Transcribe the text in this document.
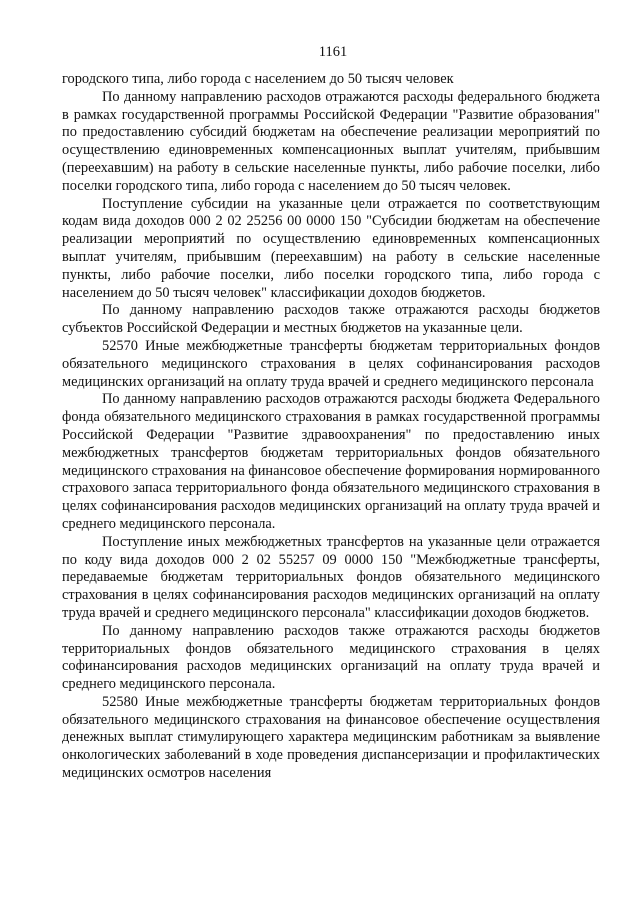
1161

городского типа, либо города с населением до 50 тысяч человек

По данному направлению расходов отражаются расходы федерального бюджета в рамках государственной программы Российской Федерации "Развитие образования" по предоставлению субсидий бюджетам на обеспечение реализации мероприятий по осуществлению единовременных компенсационных выплат учителям, прибывшим (переехавшим) на работу в сельские населенные пункты, либо рабочие поселки, либо поселки городского типа, либо города с населением до 50 тысяч человек.

Поступление субсидии на указанные цели отражается по соответствующим кодам вида доходов 000 2 02 25256 00 0000 150 "Субсидии бюджетам на обеспечение реализации мероприятий по осуществлению единовременных компенсационных выплат учителям, прибывшим (переехавшим) на работу в сельские населенные пункты, либо рабочие поселки, либо поселки городского типа, либо города с населением до 50 тысяч человек" классификации доходов бюджетов.

По данному направлению расходов также отражаются расходы бюджетов субъектов Российской Федерации и местных бюджетов на указанные цели.

52570 Иные межбюджетные трансферты бюджетам территориальных фондов обязательного медицинского страхования в целях софинансирования расходов медицинских организаций на оплату труда врачей и среднего медицинского персонала

По данному направлению расходов отражаются расходы бюджета Федерального фонда обязательного медицинского страхования в рамках государственной программы Российской Федерации "Развитие здравоохранения" по предоставлению иных межбюджетных трансфертов бюджетам территориальных фондов обязательного медицинского страхования на финансовое обеспечение формирования нормированного страхового запаса территориального фонда обязательного медицинского страхования в целях софинансирования расходов медицинских организаций на оплату труда врачей и среднего медицинского персонала.

Поступление иных межбюджетных трансфертов на указанные цели отражается по коду вида доходов 000 2 02 55257 09 0000 150 "Межбюджетные трансферты, передаваемые бюджетам территориальных фондов обязательного медицинского страхования в целях софинансирования расходов медицинских организаций на оплату труда врачей и среднего медицинского персонала" классификации доходов бюджетов.

По данному направлению расходов также отражаются расходы бюджетов территориальных фондов обязательного медицинского страхования в целях софинансирования расходов медицинских организаций на оплату труда врачей и среднего медицинского персонала.

52580 Иные межбюджетные трансферты бюджетам территориальных фондов обязательного медицинского страхования на финансовое обеспечение осуществления денежных выплат стимулирующего характера медицинским работникам за выявление онкологических заболеваний в ходе проведения диспансеризации и профилактических медицинских осмотров населения
